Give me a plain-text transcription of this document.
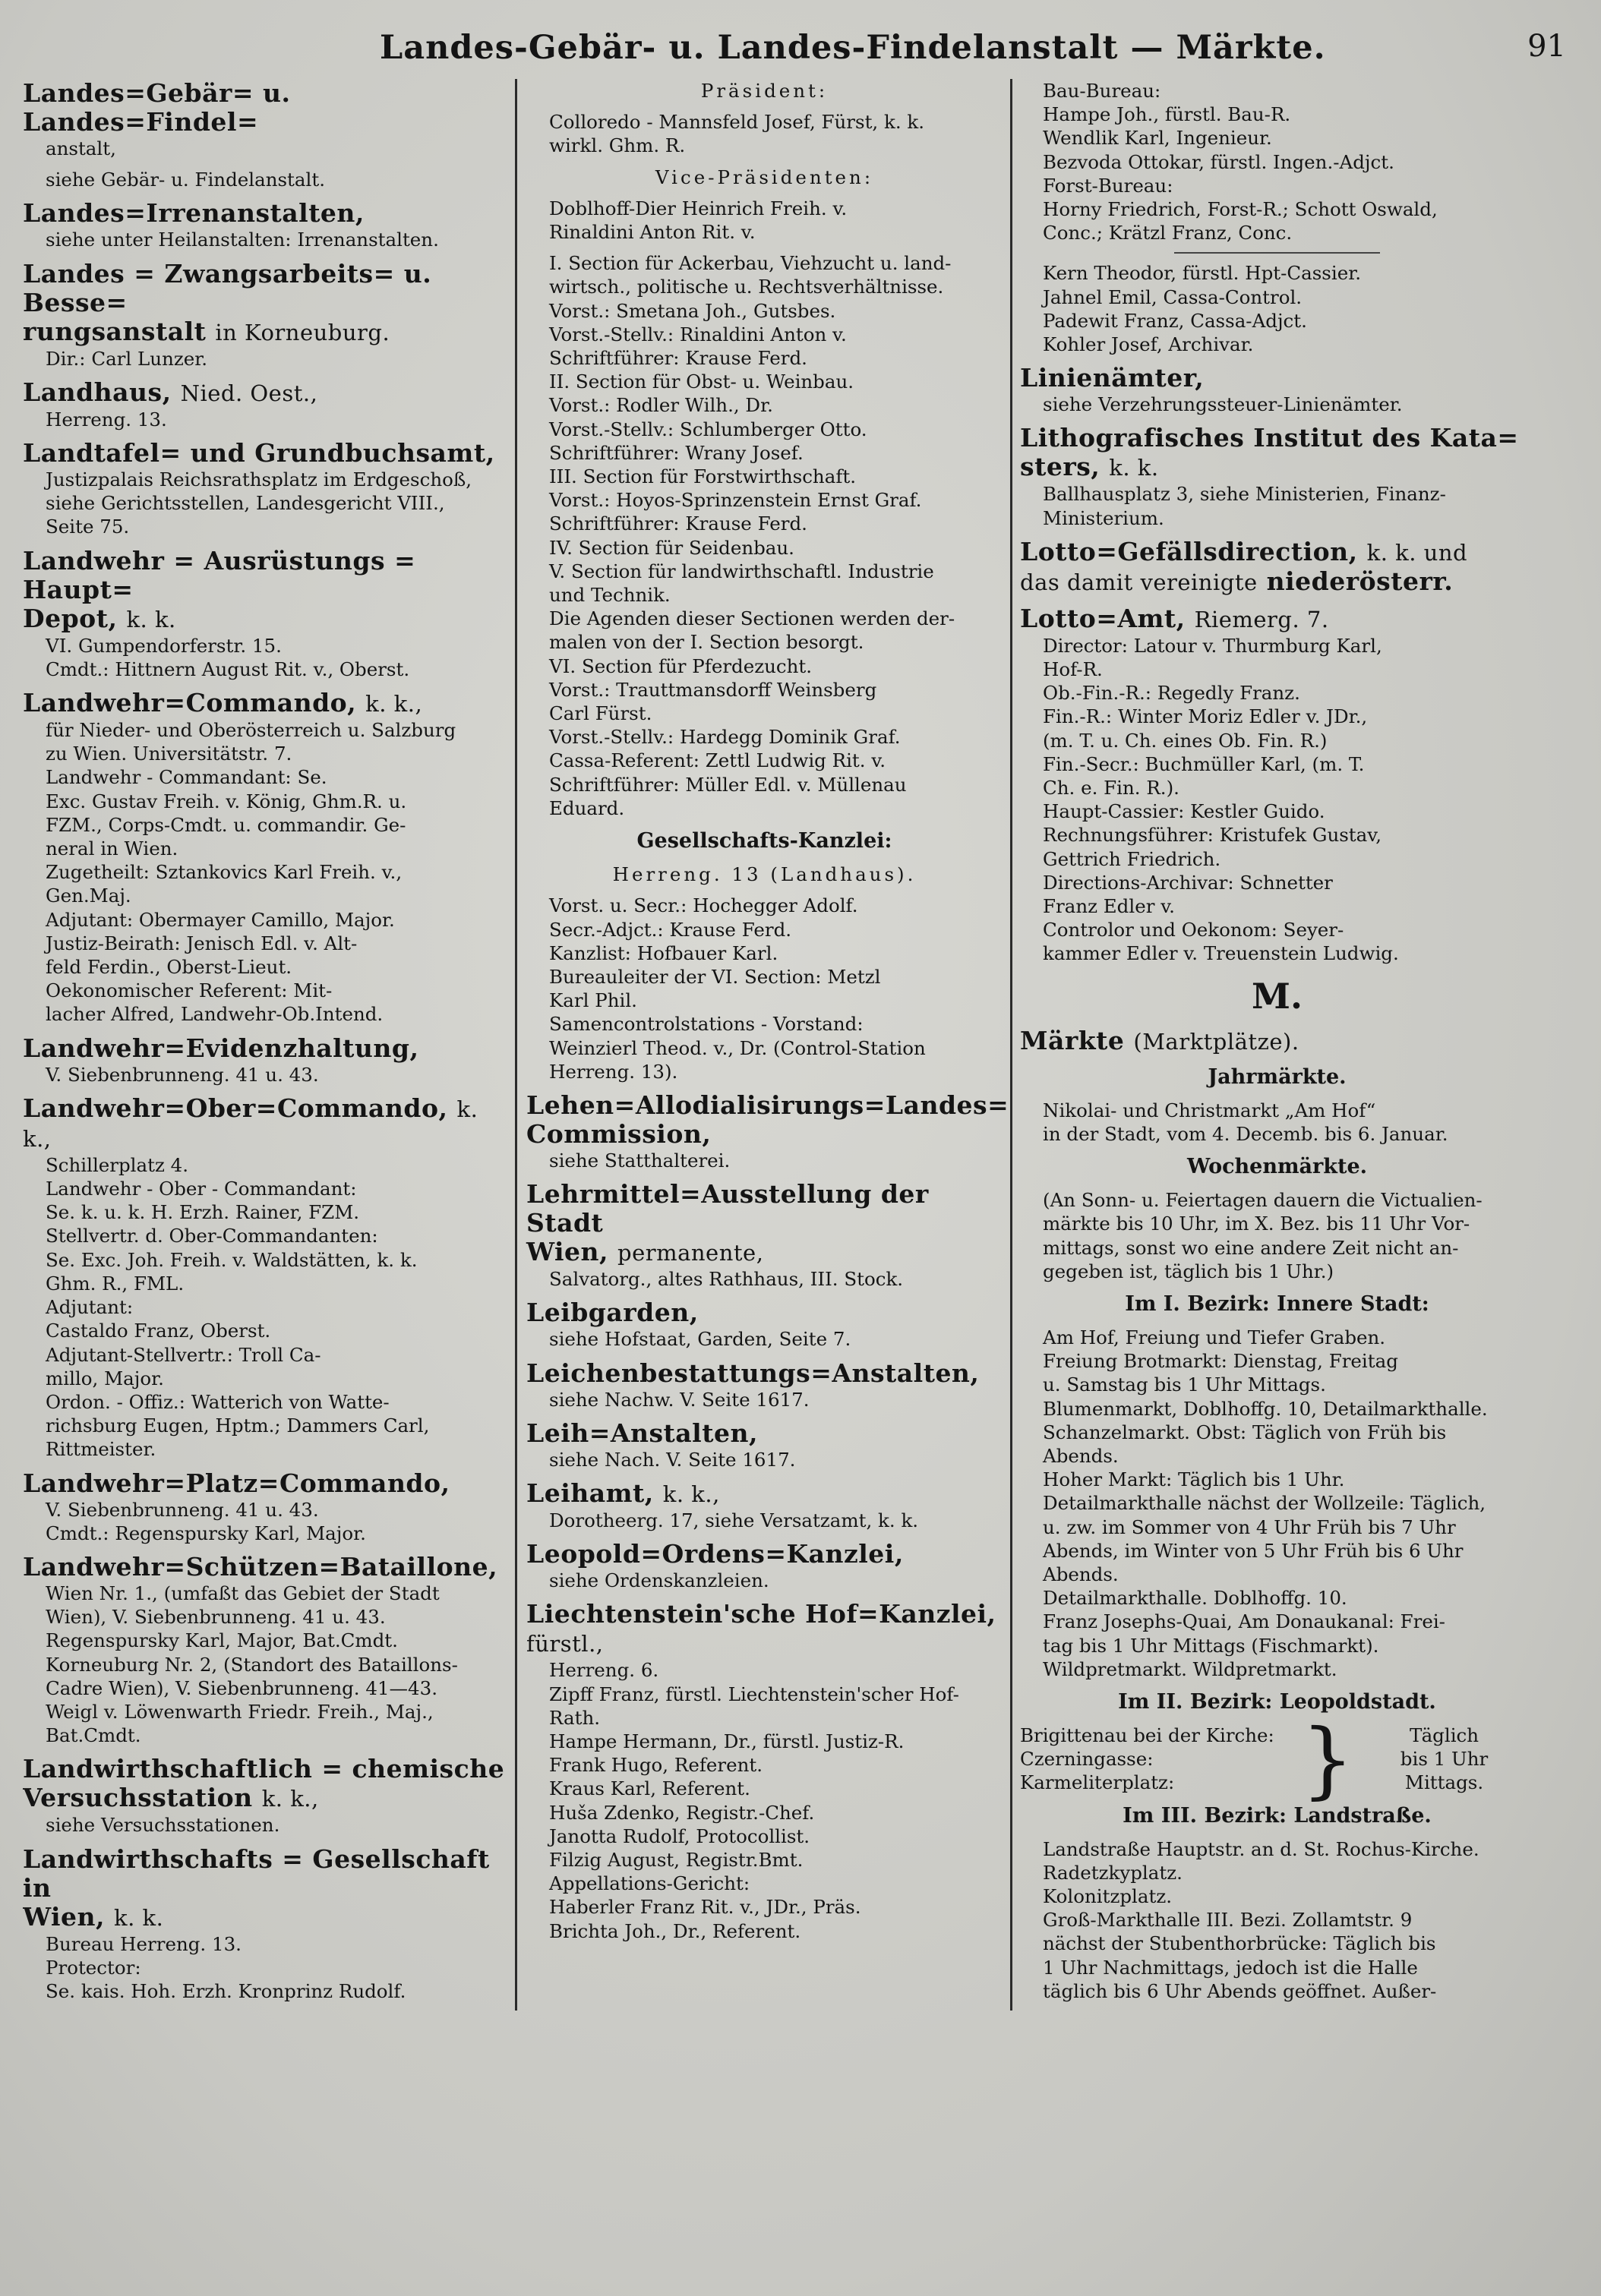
Landes-Gebär- u. Landes-Findelanstalt — Märkte.	91
Landes=Gebär= u. Landes=Findel=
anstalt,
siehe Gebär- u. Findelanstalt.
Landes=Irrenanstalten,
siehe unter Heilanstalten: Irrenanstalten.
Landes = Zwangsarbeits= u. Besse=
rungsanstalt in Korneuburg.
Dir.: Carl Lunzer.
Landhaus, Nied. Oest.,
Herreng. 13.
Landtafel= und Grundbuchsamt,
Justizpalais Reichsrathsplatz im Erdgeschoß,
siehe Gerichtsstellen, Landesgericht VIII.,
Seite 75.
Landwehr = Ausrüstungs = Haupt=
Depot, k. k.
VI. Gumpendorferstr. 15.
Cmdt.: Hittnern August Rit. v., Oberst.
Landwehr=Commando, k. k.,
für Nieder- und Oberösterreich u. Salzburg
zu Wien. Universitätstr. 7.
Landwehr - Commandant: Se.
Exc. Gustav Freih. v. König, Ghm.R. u.
FZM., Corps-Cmdt. u. commandir. Ge-
neral in Wien.
Zugetheilt: Sztankovics Karl Freih. v.,
Gen.Maj.
Adjutant: Obermayer Camillo, Major.
Justiz-Beirath: Jenisch Edl. v. Alt-
feld Ferdin., Oberst-Lieut.
Oekonomischer Referent: Mit-
lacher Alfred, Landwehr-Ob.Intend.
Landwehr=Evidenzhaltung,
V. Siebenbrunneng. 41 u. 43.
Landwehr=Ober=Commando, k. k.,
Schillerplatz 4.
Landwehr - Ober - Commandant:
Se. k. u. k. H. Erzh. Rainer, FZM.
Stellvertr. d. Ober-Commandanten:
Se. Exc. Joh. Freih. v. Waldstätten, k. k.
Ghm. R., FML.
Adjutant:
Castaldo Franz, Oberst.
Adjutant-Stellvertr.: Troll Ca-
millo, Major.
Ordon. - Offiz.: Watterich von Watte-
richsburg Eugen, Hptm.; Dammers Carl,
Rittmeister.
Landwehr=Platz=Commando,
V. Siebenbrunneng. 41 u. 43.
Cmdt.: Regenspursky Karl, Major.
Landwehr=Schützen=Bataillone,
Wien Nr. 1., (umfaßt das Gebiet der Stadt
Wien), V. Siebenbrunneng. 41 u. 43.
Regenspursky Karl, Major, Bat.Cmdt.
Korneuburg Nr. 2, (Standort des Bataillons-
Cadre Wien), V. Siebenbrunneng. 41—43.
Weigl v. Löwenwarth Friedr. Freih., Maj.,
Bat.Cmdt.
Landwirthschaftlich = chemische
Versuchsstation k. k.,
siehe Versuchsstationen.
Landwirthschafts = Gesellschaft in
Wien, k. k.
Bureau Herreng. 13.
Protector:
Se. kais. Hoh. Erzh. Kronprinz Rudolf.
Präsident:
Colloredo - Mannsfeld Josef, Fürst, k. k.
wirkl. Ghm. R.
Vice-Präsidenten:
Doblhoff-Dier Heinrich Freih. v.
Rinaldini Anton Rit. v.
I. Section für Ackerbau, Viehzucht u. land-
wirtsch., politische u. Rechtsverhältnisse.
Vorst.: Smetana Joh., Gutsbes.
Vorst.-Stellv.: Rinaldini Anton v.
Schriftführer: Krause Ferd.
II. Section für Obst- u. Weinbau.
Vorst.: Rodler Wilh., Dr.
Vorst.-Stellv.: Schlumberger Otto.
Schriftführer: Wrany Josef.
III. Section für Forstwirthschaft.
Vorst.: Hoyos-Sprinzenstein Ernst Graf.
Schriftführer: Krause Ferd.
IV. Section für Seidenbau.
V. Section für landwirthschaftl. Industrie
und Technik.
Die Agenden dieser Sectionen werden der-
malen von der I. Section besorgt.
VI. Section für Pferdezucht.
Vorst.: Trauttmansdorff Weinsberg
Carl Fürst.
Vorst.-Stellv.: Hardegg Dominik Graf.
Cassa-Referent: Zettl Ludwig Rit. v.
Schriftführer: Müller Edl. v. Müllenau
Eduard.
Gesellschafts-Kanzlei:
Herreng. 13 (Landhaus).
Vorst. u. Secr.: Hochegger Adolf.
Secr.-Adjct.: Krause Ferd.
Kanzlist: Hofbauer Karl.
Bureauleiter der VI. Section: Metzl
Karl Phil.
Samencontrolstations - Vorstand:
Weinzierl Theod. v., Dr. (Control-Station
Herreng. 13).
Lehen=Allodialisirungs=Landes=
Commission,
siehe Statthalterei.
Lehrmittel=Ausstellung der Stadt
Wien, permanente,
Salvatorg., altes Rathhaus, III. Stock.
Leibgarden,
siehe Hofstaat, Garden, Seite 7.
Leichenbestattungs=Anstalten,
siehe Nachw. V. Seite 1617.
Leih=Anstalten,
siehe Nach. V. Seite 1617.
Leihamt, k. k.,
Dorotheerg. 17, siehe Versatzamt, k. k.
Leopold=Ordens=Kanzlei,
siehe Ordenskanzleien.
Liechtenstein'sche Hof=Kanzlei, fürstl.,
Herreng. 6.
Zipff Franz, fürstl. Liechtenstein'scher Hof-
Rath.
Hampe Hermann, Dr., fürstl. Justiz-R.
Frank Hugo, Referent.
Kraus Karl, Referent.
Huša Zdenko, Registr.-Chef.
Janotta Rudolf, Protocollist.
Filzig August, Registr.Bmt.
Appellations-Gericht:
Haberler Franz Rit. v., JDr., Präs.
Brichta Joh., Dr., Referent.
Bau-Bureau:
Hampe Joh., fürstl. Bau-R.
Wendlik Karl, Ingenieur.
Bezvoda Ottokar, fürstl. Ingen.-Adjct.
Forst-Bureau:
Horny Friedrich, Forst-R.; Schott Oswald,
Conc.; Krätzl Franz, Conc.
Kern Theodor, fürstl. Hpt-Cassier.
Jahnel Emil, Cassa-Control.
Padewit Franz, Cassa-Adjct.
Kohler Josef, Archivar.
Linienämter,
siehe Verzehrungssteuer-Linienämter.
Lithografisches Institut des Kata=
sters, k. k.
Ballhausplatz 3, siehe Ministerien, Finanz-
Ministerium.
Lotto=Gefällsdirection, k. k. und
das damit vereinigte niederösterr.
Lotto=Amt, Riemerg. 7.
Director: Latour v. Thurmburg Karl,
Hof-R.
Ob.-Fin.-R.: Regedly Franz.
Fin.-R.: Winter Moriz Edler v. JDr.,
(m. T. u. Ch. eines Ob. Fin. R.)
Fin.-Secr.: Buchmüller Karl, (m. T.
Ch. e. Fin. R.).
Haupt-Cassier: Kestler Guido.
Rechnungsführer: Kristufek Gustav,
Gettrich Friedrich.
Directions-Archivar: Schnetter
Franz Edler v.
Controlor und Oekonom: Seyer-
kammer Edler v. Treuenstein Ludwig.
M.
Märkte (Marktplätze).
Jahrmärkte.
Nikolai- und Christmarkt „Am Hof“
in der Stadt, vom 4. Decemb. bis 6. Januar.
Wochenmärkte.
(An Sonn- u. Feiertagen dauern die Victualien-
märkte bis 10 Uhr, im X. Bez. bis 11 Uhr Vor-
mittags, sonst wo eine andere Zeit nicht an-
gegeben ist, täglich bis 1 Uhr.)
Im I. Bezirk: Innere Stadt:
Am Hof, Freiung und Tiefer Graben.
Freiung Brotmarkt: Dienstag, Freitag
u. Samstag bis 1 Uhr Mittags.
Blumenmarkt, Doblhoffg. 10, Detailmarkthalle.
Schanzelmarkt. Obst: Täglich von Früh bis
Abends.
Hoher Markt: Täglich bis 1 Uhr.
Detailmarkthalle nächst der Wollzeile: Täglich,
u. zw. im Sommer von 4 Uhr Früh bis 7 Uhr
Abends, im Winter von 5 Uhr Früh bis 6 Uhr
Abends.
Detailmarkthalle. Doblhoffg. 10.
Franz Josephs-Quai, Am Donaukanal: Frei-
tag bis 1 Uhr Mittags (Fischmarkt).
Wildpretmarkt. Wildpretmarkt.
Im II. Bezirk: Leopoldstadt.
Brigittenau bei der Kirche:
Czerningasse:
Karmeliterplatz:	}	Täglich
bis 1 Uhr
Mittags.
Im III. Bezirk: Landstraße.
Landstraße Hauptstr. an d. St. Rochus-Kirche.
Radetzkyplatz.
Kolonitzplatz.
Groß-Markthalle III. Bezi. Zollamtstr. 9
nächst der Stubenthorbrücke: Täglich bis
1 Uhr Nachmittags, jedoch ist die Halle
täglich bis 6 Uhr Abends geöffnet. Außer-
